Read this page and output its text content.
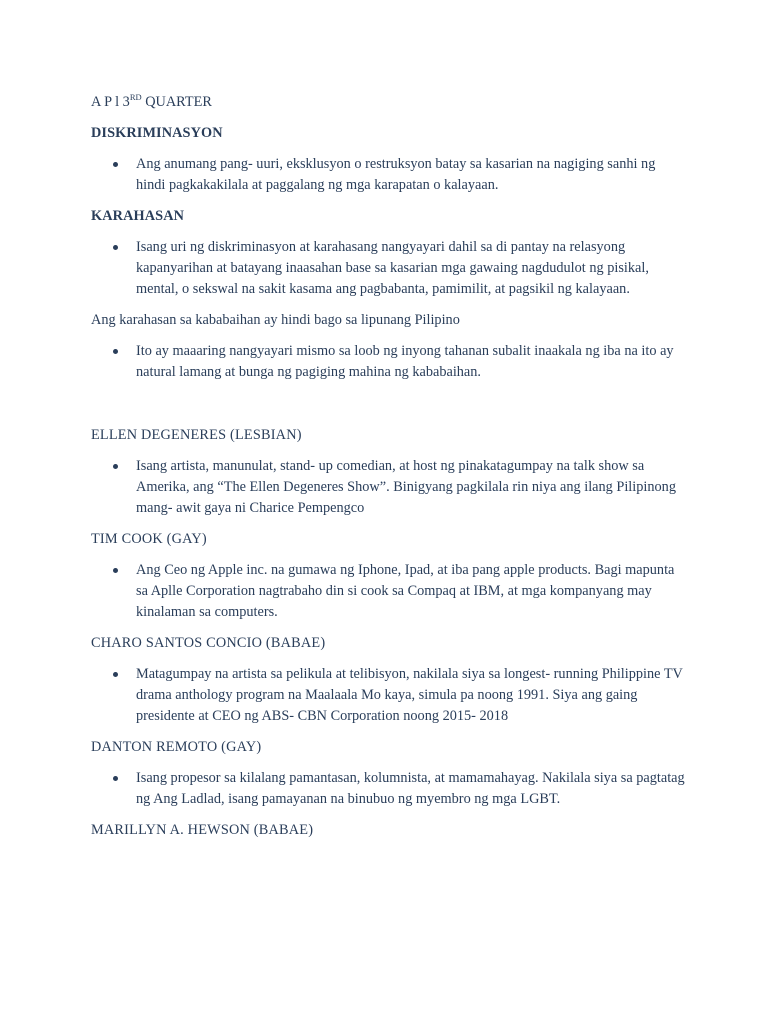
A P l 3RD QUARTER
DISKRIMINASYON
Ang anumang pang- uuri, eksklusyon o restruksyon batay sa kasarian na nagiging sanhi ng hindi pagkakakilala at paggalang ng mga karapatan o kalayaan.
KARAHASAN
Isang uri ng diskriminasyon at karahasang nangyayari dahil sa di pantay na relasyong kapanyarihan at batayang inaasahan base sa kasarian mga gawaing nagdudulot ng pisikal, mental, o sekswal na sakit kasama ang pagbabanta, pamimilit, at pagsikil ng kalayaan.
Ang karahasan sa kababaihan ay hindi bago sa lipunang Pilipino
Ito ay maaaring nangyayari mismo sa loob ng inyong tahanan subalit inaakala ng iba na ito ay natural lamang at bunga ng pagiging mahina ng kababaihan.
ELLEN DEGENERES (LESBIAN)
Isang artista, manunulat, stand- up comedian, at host ng pinakatagumpay na talk show sa Amerika, ang “The Ellen Degeneres Show”. Binigyang pagkilala rin niya ang ilang Pilipinong mang- awit gaya ni Charice Pempengco
TIM COOK (GAY)
Ang Ceo ng Apple inc. na gumawa ng Iphone, Ipad, at iba pang apple products. Bagi mapunta sa Aplle Corporation nagtrabaho din si cook sa Compaq at IBM, at mga kompanyang may kinalaman sa computers.
CHARO SANTOS CONCIO (BABAE)
Matagumpay na artista sa pelikula at telibisyon, nakilala siya sa longest- running Philippine TV drama anthology program na Maalaala Mo kaya, simula pa noong 1991. Siya ang gaing presidente at CEO ng ABS- CBN Corporation noong 2015- 2018
DANTON REMOTO (GAY)
Isang propesor sa kilalang pamantasan, kolumnista, at mamamahayag. Nakilala siya sa pagtatag ng Ang Ladlad, isang pamayanan na binubuo ng myembro ng mga LGBT.
MARILLYN A. HEWSON (BABAE)
